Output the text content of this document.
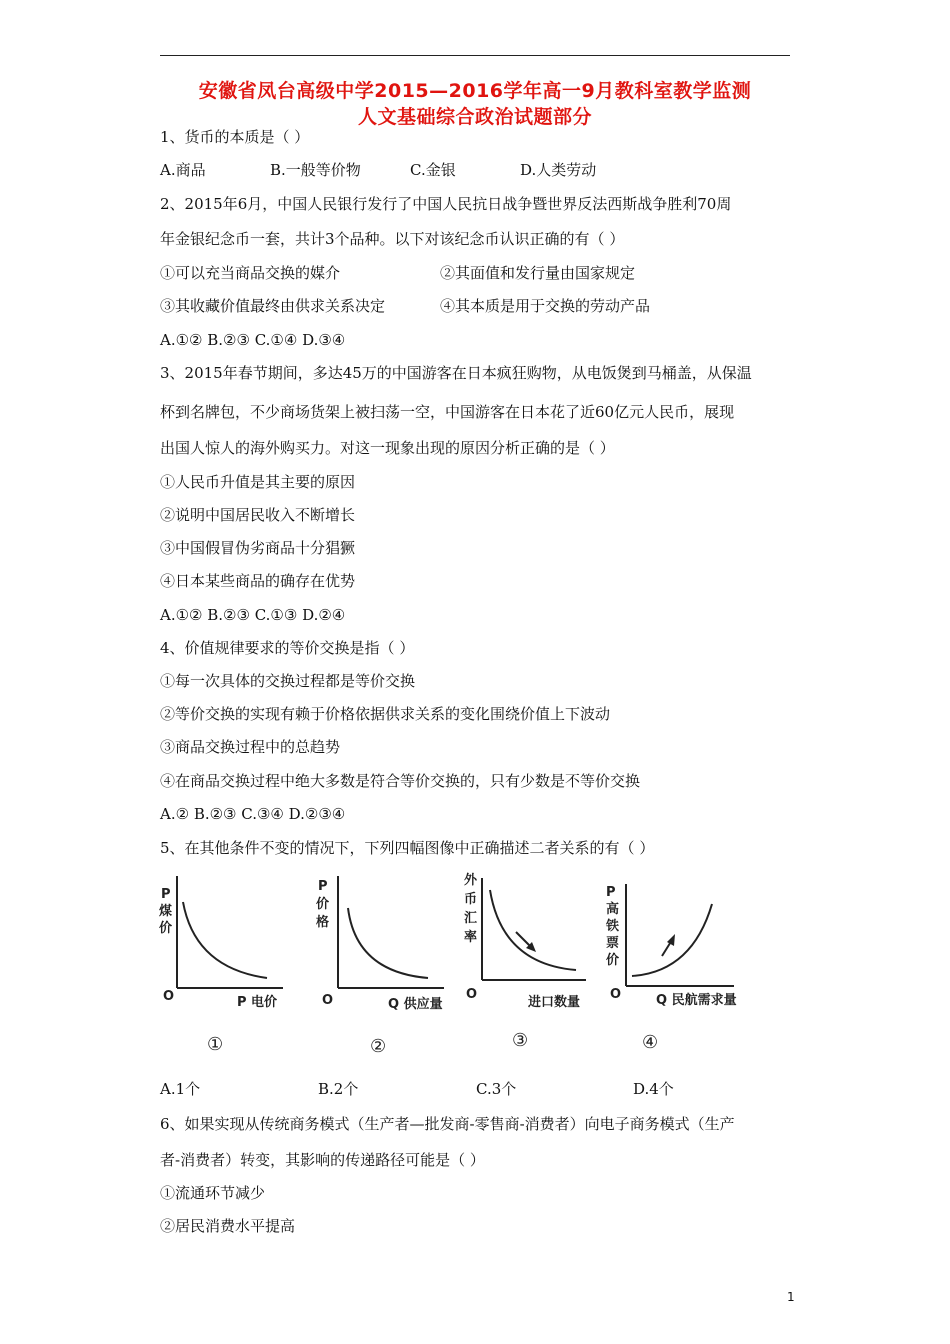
安徽省凤台高级中学2015—2016学年高一9月教科室教学监测
人文基础综合政治试题部分
1、货币的本质是（ ）
A.商品	B.一般等价物	C.金银	D.人类劳动
2、2015年6月，中国人民银行发行了中国人民抗日战争暨世界反法西斯战争胜利70周
年金银纪念币一套，共计3个品种。以下对该纪念币认识正确的有（ ）
①可以充当商品交换的媒介	②其面值和发行量由国家规定
③其收藏价值最终由供求关系决定	④其本质是用于交换的劳动产品
A.①② B.②③ C.①④ D.③④
3、2015年春节期间，多达45万的中国游客在日本疯狂购物，从电饭煲到马桶盖，从保温
杯到名牌包，不少商场货架上被扫荡一空，中国游客在日本花了近60亿元人民币，展现
出国人惊人的海外购买力。对这一现象出现的原因分析正确的是（ ）
①人民币升值是其主要的原因
②说明中国居民收入不断增长
③中国假冒伪劣商品十分猖獗
④日本某些商品的确存在优势
A.①② B.②③ C.①③ D.②④
4、价值规律要求的等价交换是指（ ）
①每一次具体的交换过程都是等价交换
②等价交换的实现有赖于价格依据供求关系的变化围绕价值上下波动
③商品交换过程中的总趋势
④在商品交换过程中绝大多数是符合等价交换的，只有少数是不等价交换
A.② B.②③ C.③④ D.②③④
5、在其他条件不变的情况下，下列四幅图像中正确描述二者关系的有（ ）
P
煤
价
O	P 电价
①
P
价
格
O	Q 供应量
②
外
币
汇
率
O
进口数量
③
P
高
铁
票
价
O	Q 民航需求量
④
A.1个	B.2个	C.3个	D.4个
6、如果实现从传统商务模式（生产者—批发商-零售商-消费者）向电子商务模式（生产
者-消费者）转变，其影响的传递路径可能是（ ）
①流通环节减少
②居民消费水平提高
1
